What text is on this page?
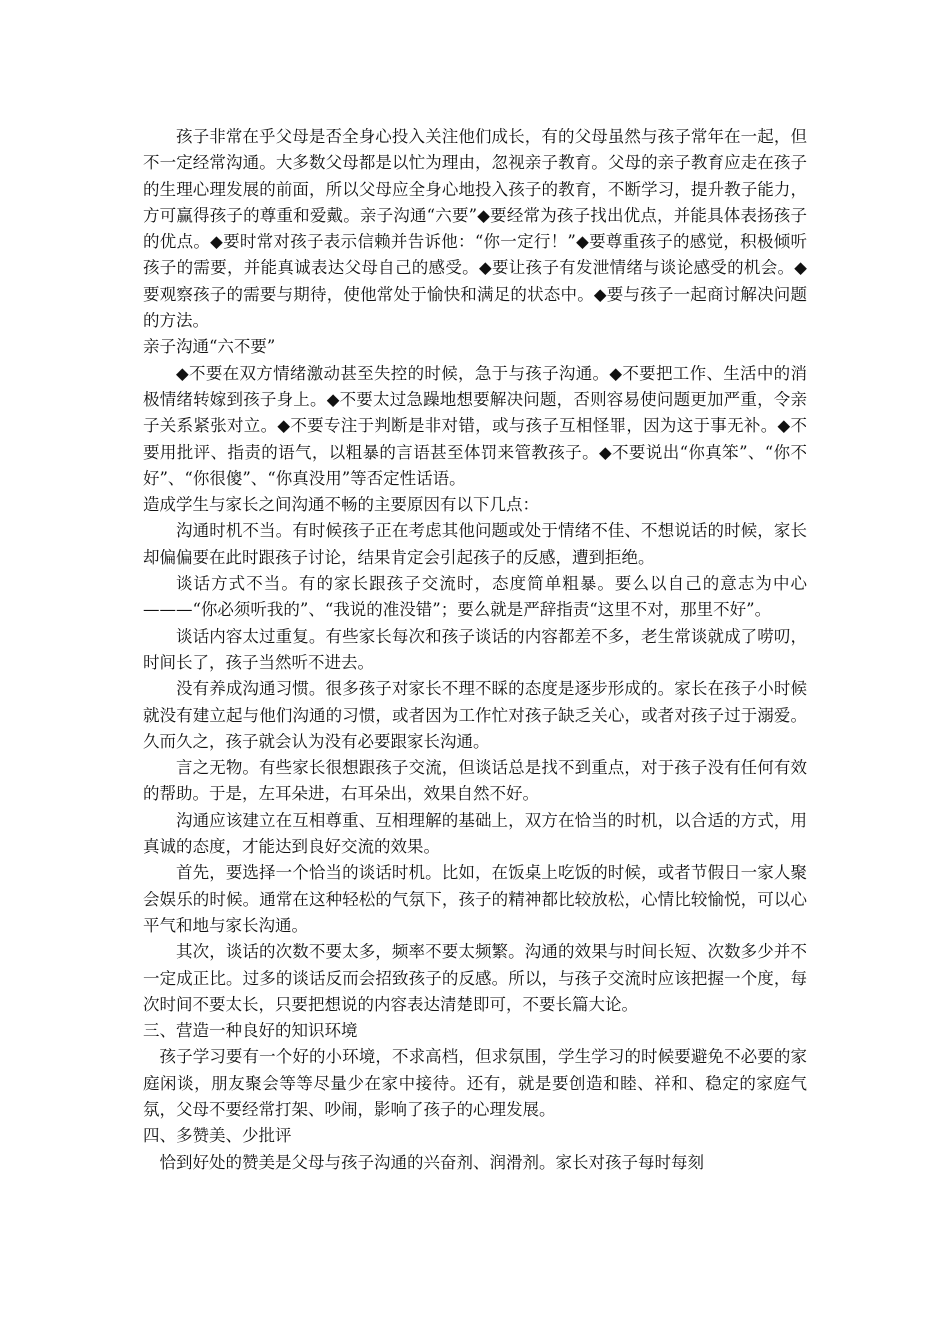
孩子非常在乎父母是否全身心投入关注他们成长，有的父母虽然与孩子常年在一起，但不一定经常沟通。大多数父母都是以忙为理由，忽视亲子教育。父母的亲子教育应走在孩子的生理心理发展的前面，所以父母应全身心地投入孩子的教育，不断学习，提升教子能力，方可赢得孩子的尊重和爱戴。亲子沟通“六要”◆要经常为孩子找出优点，并能具体表扬孩子的优点。◆要时常对孩子表示信赖并告诉他：“你一定行！”◆要尊重孩子的感觉，积极倾听孩子的需要，并能真诚表达父母自己的感受。◆要让孩子有发泄情绪与谈论感受的机会。◆要观察孩子的需要与期待，使他常处于愉快和满足的状态中。◆要与孩子一起商讨解决问题的方法。

亲子沟通“六不要”

◆不要在双方情绪激动甚至失控的时候，急于与孩子沟通。◆不要把工作、生活中的消极情绪转嫁到孩子身上。◆不要太过急躁地想要解决问题，否则容易使问题更加严重，令亲子关系紧张对立。◆不要专注于判断是非对错，或与孩子互相怪罪，因为这于事无补。◆不要用批评、指责的语气，以粗暴的言语甚至体罚来管教孩子。◆不要说出“你真笨”、“你不好”、“你很傻”、“你真没用”等否定性话语。

造成学生与家长之间沟通不畅的主要原因有以下几点：

沟通时机不当。有时候孩子正在考虑其他问题或处于情绪不佳、不想说话的时候，家长却偏偏要在此时跟孩子讨论，结果肯定会引起孩子的反感，遭到拒绝。

谈话方式不当。有的家长跟孩子交流时，态度简单粗暴。要么以自己的意志为中心———“你必须听我的”、“我说的准没错”；要么就是严辞指责“这里不对，那里不好”。

谈话内容太过重复。有些家长每次和孩子谈话的内容都差不多，老生常谈就成了唠叨，时间长了，孩子当然听不进去。

没有养成沟通习惯。很多孩子对家长不理不睬的态度是逐步形成的。家长在孩子小时候就没有建立起与他们沟通的习惯，或者因为工作忙对孩子缺乏关心，或者对孩子过于溺爱。久而久之，孩子就会认为没有必要跟家长沟通。

言之无物。有些家长很想跟孩子交流，但谈话总是找不到重点，对于孩子没有任何有效的帮助。于是，左耳朵进，右耳朵出，效果自然不好。

沟通应该建立在互相尊重、互相理解的基础上，双方在恰当的时机，以合适的方式，用真诚的态度，才能达到良好交流的效果。

首先，要选择一个恰当的谈话时机。比如，在饭桌上吃饭的时候，或者节假日一家人聚会娱乐的时候。通常在这种轻松的气氛下，孩子的精神都比较放松，心情比较愉悦，可以心平气和地与家长沟通。

其次，谈话的次数不要太多，频率不要太频繁。沟通的效果与时间长短、次数多少并不一定成正比。过多的谈话反而会招致孩子的反感。所以，与孩子交流时应该把握一个度，每次时间不要太长，只要把想说的内容表达清楚即可，不要长篇大论。

三、营造一种良好的知识环境

孩子学习要有一个好的小环境，不求高档，但求氛围，学生学习的时候要避免不必要的家庭闲谈，朋友聚会等等尽量少在家中接待。还有，就是要创造和睦、祥和、稳定的家庭气氛，父母不要经常打架、吵闹，影响了孩子的心理发展。

四、多赞美、少批评

恰到好处的赞美是父母与孩子沟通的兴奋剂、润滑剂。家长对孩子每时每刻
